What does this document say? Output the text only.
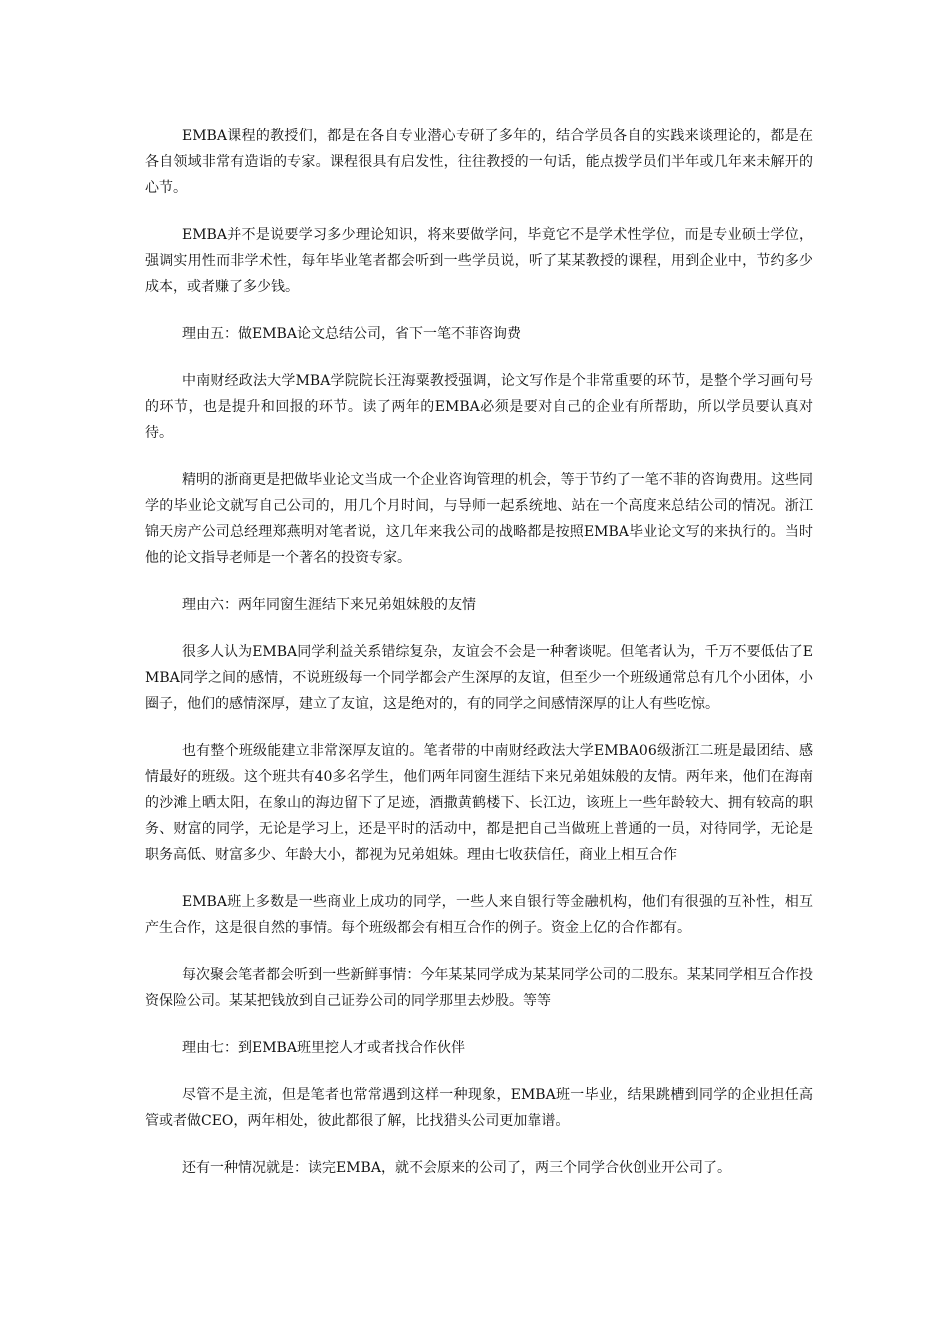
EMBA课程的教授们，都是在各自专业潜心专研了多年的，结合学员各自的实践来谈理论的，都是在各自领域非常有造诣的专家。课程很具有启发性，往往教授的一句话，能点拨学员们半年或几年来未解开的心节。

EMBA并不是说要学习多少理论知识，将来要做学问，毕竟它不是学术性学位，而是专业硕士学位，强调实用性而非学术性，每年毕业笔者都会听到一些学员说，听了某某教授的课程，用到企业中，节约多少成本，或者赚了多少钱。

理由五：做EMBA论文总结公司，省下一笔不菲咨询费

中南财经政法大学MBA学院院长汪海粟教授强调，论文写作是个非常重要的环节，是整个学习画句号的环节，也是提升和回报的环节。读了两年的EMBA必须是要对自己的企业有所帮助，所以学员要认真对待。

精明的浙商更是把做毕业论文当成一个企业咨询管理的机会，等于节约了一笔不菲的咨询费用。这些同学的毕业论文就写自己公司的，用几个月时间，与导师一起系统地、站在一个高度来总结公司的情况。浙江锦天房产公司总经理郑燕明对笔者说，这几年来我公司的战略都是按照EMBA毕业论文写的来执行的。当时他的论文指导老师是一个著名的投资专家。

理由六：两年同窗生涯结下来兄弟姐妹般的友情

很多人认为EMBA同学利益关系错综复杂，友谊会不会是一种奢谈呢。但笔者认为，千万不要低估了EMBA同学之间的感情，不说班级每一个同学都会产生深厚的友谊，但至少一个班级通常总有几个小团体，小圈子，他们的感情深厚，建立了友谊，这是绝对的，有的同学之间感情深厚的让人有些吃惊。

也有整个班级能建立非常深厚友谊的。笔者带的中南财经政法大学EMBA06级浙江二班是最团结、感情最好的班级。这个班共有40多名学生，他们两年同窗生涯结下来兄弟姐妹般的友情。两年来，他们在海南的沙滩上晒太阳，在象山的海边留下了足迹，酒撒黄鹤楼下、长江边，该班上一些年龄较大、拥有较高的职务、财富的同学，无论是学习上，还是平时的活动中，都是把自己当做班上普通的一员，对待同学，无论是职务高低、财富多少、年龄大小，都视为兄弟姐妹。理由七收获信任，商业上相互合作

EMBA班上多数是一些商业上成功的同学，一些人来自银行等金融机构，他们有很强的互补性，相互产生合作，这是很自然的事情。每个班级都会有相互合作的例子。资金上亿的合作都有。

每次聚会笔者都会听到一些新鲜事情：今年某某同学成为某某同学公司的二股东。某某同学相互合作投资保险公司。某某把钱放到自己证券公司的同学那里去炒股。等等

理由七：到EMBA班里挖人才或者找合作伙伴

尽管不是主流，但是笔者也常常遇到这样一种现象，EMBA班一毕业，结果跳槽到同学的企业担任高管或者做CEO，两年相处，彼此都很了解，比找猎头公司更加靠谱。

还有一种情况就是：读完EMBA，就不会原来的公司了，两三个同学合伙创业开公司了。
